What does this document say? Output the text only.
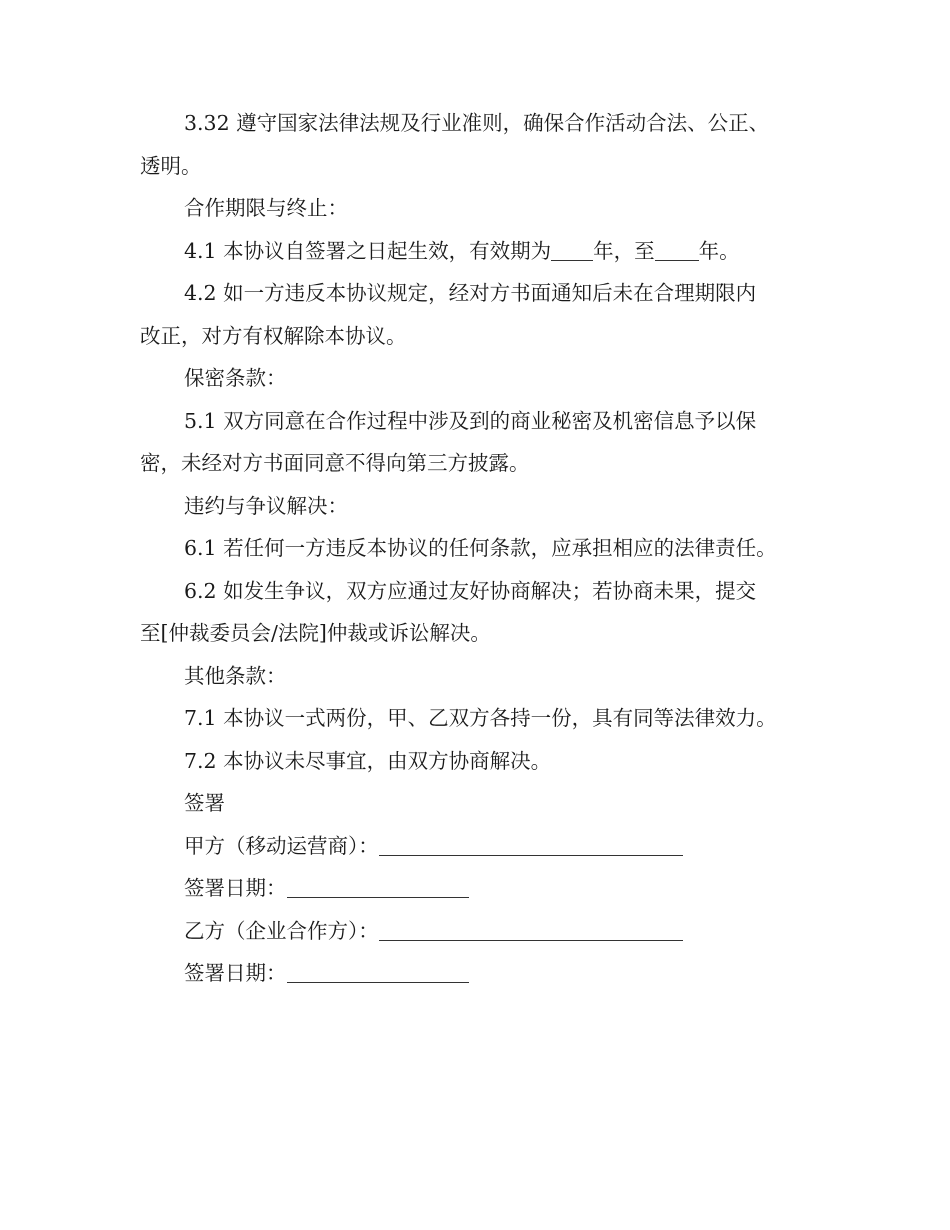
3.32 遵守国家法律法规及行业准则，确保合作活动合法、公正、
透明。
合作期限与终止：
4.1 本协议自签署之日起生效，有效期为 年，至 年。
4.2 如一方违反本协议规定，经对方书面通知后未在合理期限内
改正，对方有权解除本协议。
保密条款：
5.1 双方同意在合作过程中涉及到的商业秘密及机密信息予以保
密，未经对方书面同意不得向第三方披露。
违约与争议解决：
6.1 若任何一方违反本协议的任何条款，应承担相应的法律责任。
6.2 如发生争议，双方应通过友好协商解决；若协商未果，提交
至[仲裁委员会/法院]仲裁或诉讼解决。
其他条款：
7.1 本协议一式两份，甲、乙双方各持一份，具有同等法律效力。
7.2 本协议未尽事宜，由双方协商解决。
签署
甲方（移动运营商）：
签署日期：
乙方（企业合作方）：
签署日期：
